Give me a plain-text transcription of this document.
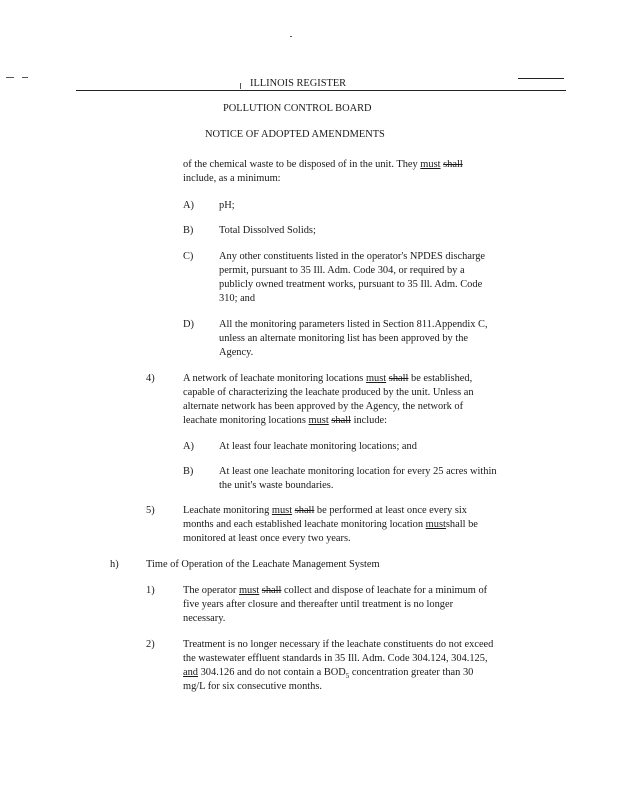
ILLINOIS REGISTER
POLLUTION CONTROL BOARD
NOTICE OF ADOPTED AMENDMENTS
of the chemical waste to be disposed of in the unit. They must shall
include, as a minimum:
A) pH;
B) Total Dissolved Solids;
C) Any other constituents listed in the operator's NPDES discharge
permit, pursuant to 35 Ill. Adm. Code 304, or required by a
publicly owned treatment works, pursuant to 35 Ill. Adm. Code
310; and
D) All the monitoring parameters listed in Section 811.Appendix C,
unless an alternate monitoring list has been approved by the
Agency.
4)	A network of leachate monitoring locations must shall be established,
capable of characterizing the leachate produced by the unit. Unless an
alternate network has been approved by the Agency, the network of
leachate monitoring locations must shall include:
A) At least four leachate monitoring locations; and
B) At least one leachate monitoring location for every 25 acres within
the unit's waste boundaries.
5)	Leachate monitoring must shall be performed at least once every six
months and each established leachate monitoring location mustshall be
monitored at least once every two years.
h)	Time of Operation of the Leachate Management System
1)	The operator must shall collect and dispose of leachate for a minimum of
five years after closure and thereafter until treatment is no longer
necessary.
2)	Treatment is no longer necessary if the leachate constituents do not exceed
the wastewater effluent standards in 35 Ill. Adm. Code 304.124, 304.125,
and 304.126 and do not contain a $BOD_5$ concentration greater than 30
mg/L for six consecutive months.
